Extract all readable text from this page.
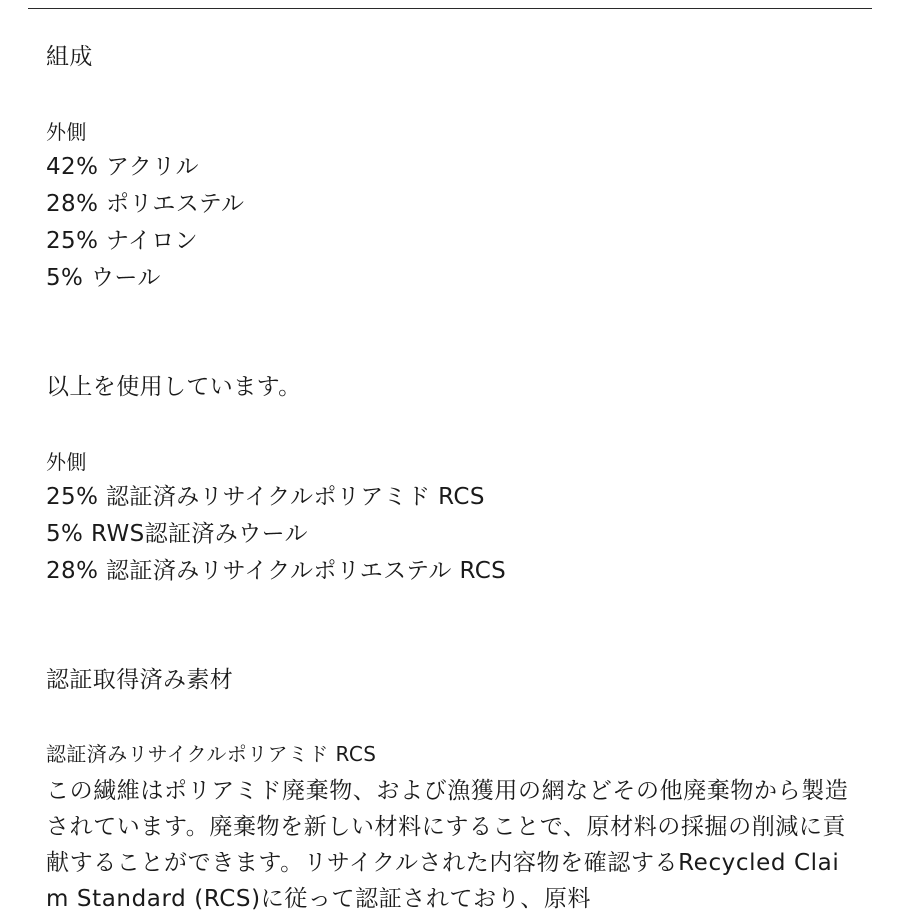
組成
外側
42% アクリル
28% ポリエステル
25% ナイロン
5% ウール
以上を使用しています。
外側
25% 認証済みリサイクルポリアミド RCS
5% RWS認証済みウール
28% 認証済みリサイクルポリエステル RCS
認証取得済み素材
認証済みリサイクルポリアミド RCS
この繊維はポリアミド廃棄物、および漁獲用の網などその他廃棄物から製造されています。廃棄物を新しい材料にすることで、原材料の採掘の削減に貢献することができます。リサイクルされた内容物を確認するRecycled Claim Standard (RCS)に従って認証されており、原料
